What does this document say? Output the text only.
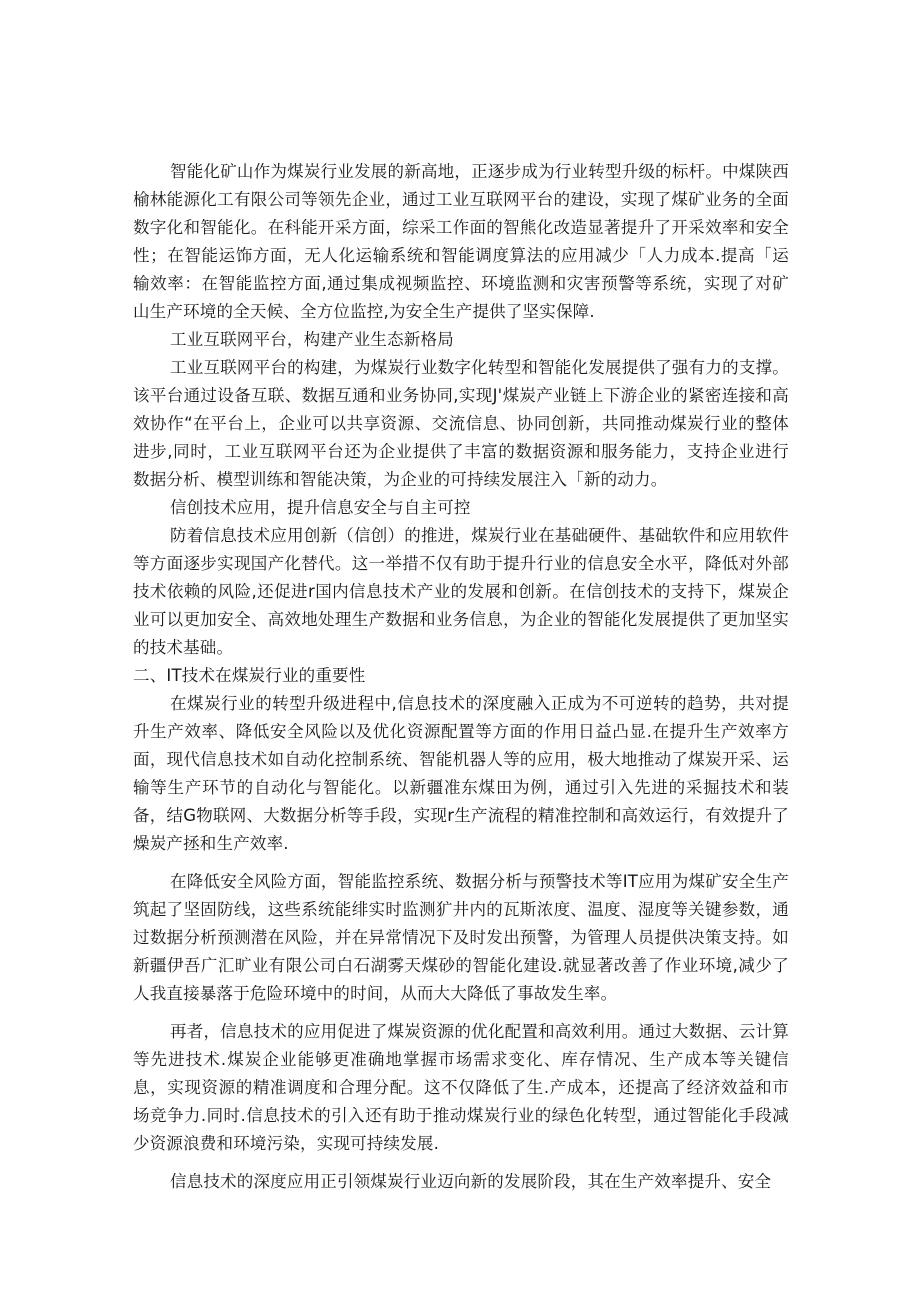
智能化矿山作为煤炭行业发展的新高地，正逐步成为行业转型升级的标杆。中煤陕西榆林能源化工有限公司等领先企业，通过工业互联网平台的建设，实现了煤矿业务的全面数字化和智能化。在科能开采方面，综采工作面的智熊化改造显著提升了开采效率和安全性；在智能运饰方面，无人化运输系统和智能调度算法的应用减少「人力成本.提高「运输效率：在智能监控方面,通过集成视频监控、环境监测和灾害预警等系统，实现了对矿山生产环境的全天候、全方位监控,为安全生产提供了坚实保障.

工业互联网平台，构建产业生态新格局

工业互联网平台的构建，为煤炭行业数字化转型和智能化发展提供了强有力的支撑。该平台通过设备互联、数据互通和业务协同,实现J'煤炭产业链上下游企业的紧密连接和高效协作“在平台上，企业可以共享资源、交流信息、协同创新，共同推动煤炭行业的整体进步,同时，工业互联网平台还为企业提供了丰富的数据资源和服务能力，支持企业进行数据分析、模型训练和智能决策，为企业的可持续发展注入「新的动力。

信创技术应用，提升信息安全与自主可控

防着信息技术应用创新（信创）的推进，煤炭行业在基础硬件、基础软件和应用软件等方面逐步实现国产化替代。这一举措不仅有助于提升行业的信息安全水平，降低对外部技术依赖的风险,还促进r国内信息技术产业的发展和创新。在信创技术的支持下，煤炭企业可以更加安全、高效地处理生产数据和业务信息，为企业的智能化发展提供了更加坚实的技术基础。

二、IT技术在煤炭行业的重要性

在煤炭行业的转型升级进程中,信息技术的深度融入正成为不可逆转的趋势，共对提升生产效率、降低安全风险以及优化资源配置等方面的作用日益凸显.在提升生产效率方面，现代信息技术如自动化控制系统、智能机器人等的应用，极大地推动了煤炭开采、运输等生产环节的自动化与智能化。以新疆准东煤田为例，通过引入先进的采掘技术和装备，结G物联网、大数据分析等手段，实现r生产流程的精准控制和高效运行，有效提升了燥炭产拯和生产效率.

在降低安全风险方面，智能监控系统、数据分析与预警技术等IT应用为煤矿安全生产筑起了坚固防线，这些系统能绯实时监测犷井内的瓦斯浓度、温度、湿度等关键参数，通过数据分析预测潜在风险，并在异常情况下及时发出预警，为管理人员提供决策支持。如新疆伊吾广汇旷业有限公司白石湖雾天煤砂的智能化建设.就显著改善了作业环境,减少了人我直接暴落于危险环境中的时间，从而大大降低了事故发生率。

再者，信息技术的应用促进了煤炭资源的优化配置和高效利用。通过大数据、云计算等先进技术.煤炭企业能够更准确地掌握市场需求变化、库存情况、生产成本等关键信息，实现资源的精准调度和合理分配。这不仅降低了生.产成本，还提高了经济效益和市场竞争力.同时.信息技术的引入还有助于推动煤炭行业的绿色化转型，通过智能化手段减少资源浪费和环境污染，实现可持续发展.

信息技术的深度应用正引领煤炭行业迈向新的发展阶段，其在生产效率提升、安全
